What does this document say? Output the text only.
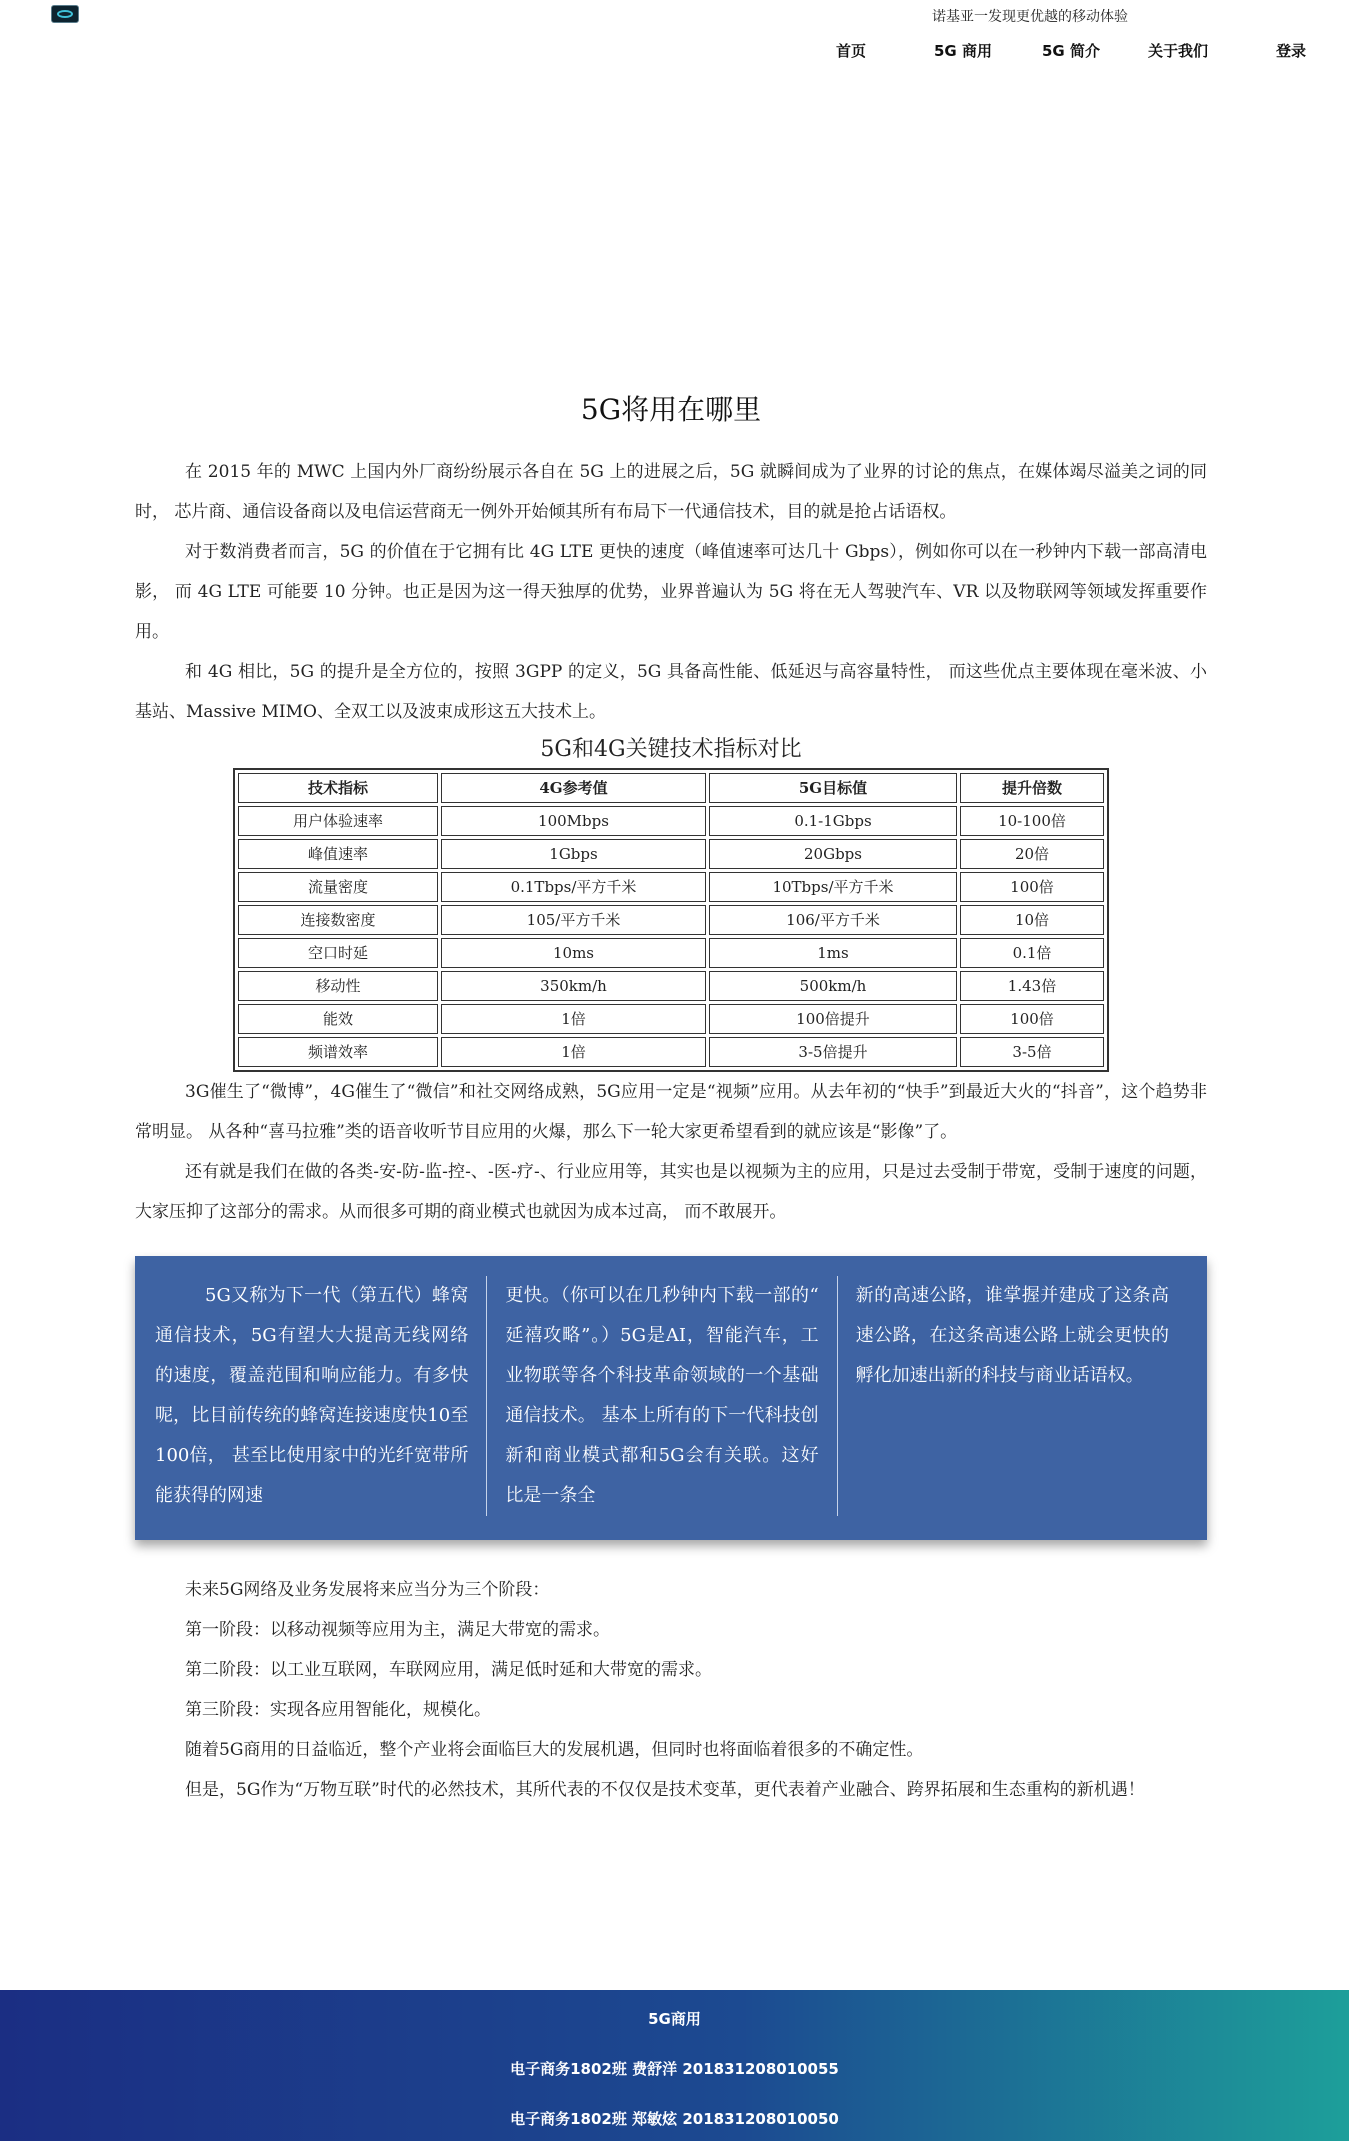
诺基亚一发现更优越的移动体验
首页	5G 商用	5G 简介	关于我们	登录
5G将用在哪里

在 2015 年的 MWC 上国内外厂商纷纷展示各自在 5G 上的进展之后，5G 就瞬间成为了业界的讨论的焦点，在媒体竭尽溢美之词的同时， 芯片商、通信设备商以及电信运营商无一例外开始倾其所有布局下一代通信技术，目的就是抢占话语权。

对于数消费者而言，5G 的价值在于它拥有比 4G LTE 更快的速度（峰值速率可达几十 Gbps），例如你可以在一秒钟内下载一部高清电影， 而 4G LTE 可能要 10 分钟。也正是因为这一得天独厚的优势，业界普遍认为 5G 将在无人驾驶汽车、VR 以及物联网等领域发挥重要作用。

和 4G 相比，5G 的提升是全方位的，按照 3GPP 的定义，5G 具备高性能、低延迟与高容量特性， 而这些优点主要体现在毫米波、小基站、Massive MIMO、全双工以及波束成形这五大技术上。

5G和4G关键技术指标对比
技术指标	4G参考值	5G目标值	提升倍数
用户体验速率	100Mbps	0.1-1Gbps	10-100倍
峰值速率	1Gbps	20Gbps	20倍
流量密度	0.1Tbps/平方千米	10Tbps/平方千米	100倍
连接数密度	105/平方千米	106/平方千米	10倍
空口时延	10ms	1ms	0.1倍
移动性	350km/h	500km/h	1.43倍
能效	1倍	100倍提升	100倍
频谱效率	1倍	3-5倍提升	3-5倍

3G催生了“微博”，4G催生了“微信”和社交网络成熟，5G应用一定是“视频”应用。从去年初的“快手”到最近大火的“抖音”，这个趋势非常明显。 从各种“喜马拉雅”类的语音收听节目应用的火爆，那么下一轮大家更希望看到的就应该是“影像”了。

还有就是我们在做的各类-安-防-监-控-、-医-疗-、行业应用等，其实也是以视频为主的应用，只是过去受制于带宽，受制于速度的问题， 大家压抑了这部分的需求。从而很多可期的商业模式也就因为成本过高， 而不敢展开。

5G又称为下一代（第五代）蜂窝通信技术，5G有望大大提高无线网络的速度，覆盖范围和响应能力。有多快呢，比目前传统的蜂窝连接速度快10至100倍， 甚至比使用家中的光纤宽带所能获得的网速
更快。（你可以在几秒钟内下载一部的“ 延禧攻略”。）5G是AI，智能汽车，工业物联等各个科技革命领域的一个基础通信技术。 基本上所有的下一代科技创新和商业模式都和5G会有关联。这好比是一条全
新的高速公路，谁掌握并建成了这条高速公路，在这条高速公路上就会更快的孵化加速出新的科技与商业话语权。

未来5G网络及业务发展将来应当分为三个阶段：

第一阶段：以移动视频等应用为主，满足大带宽的需求。

第二阶段：以工业互联网，车联网应用，满足低时延和大带宽的需求。

第三阶段：实现各应用智能化，规模化。

随着5G商用的日益临近，整个产业将会面临巨大的发展机遇，但同时也将面临着很多的不确定性。

但是，5G作为“万物互联”时代的必然技术，其所代表的不仅仅是技术变革，更代表着产业融合、跨界拓展和生态重构的新机遇！

5G商用
电子商务1802班 费舒洋 201831208010055
电子商务1802班 郑敏炫 201831208010050
